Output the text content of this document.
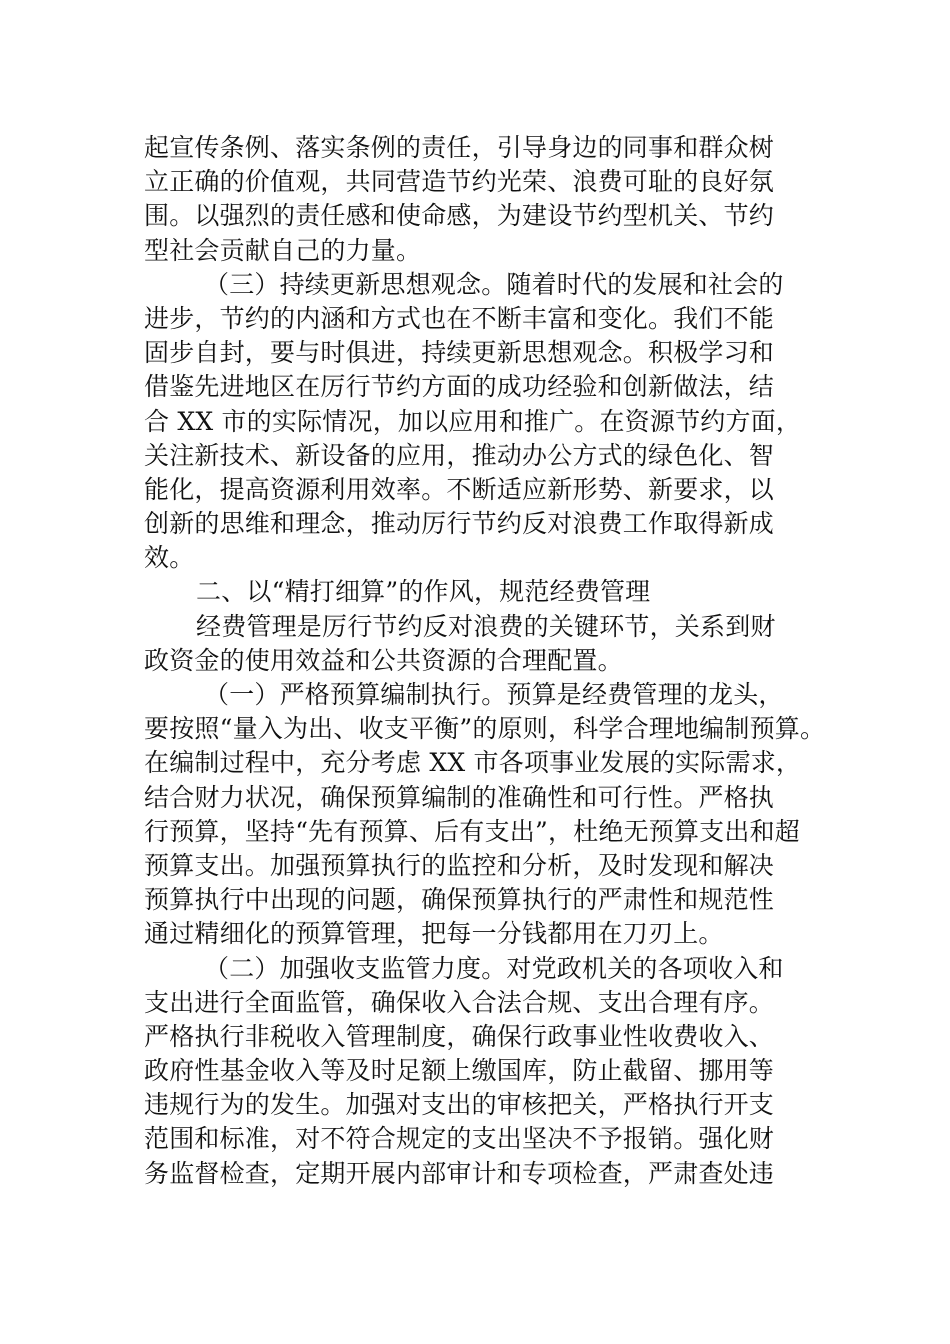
起宣传条例、落实条例的责任，引导身边的同事和群众树
立正确的价值观，共同营造节约光荣、浪费可耻的良好氛
围。以强烈的责任感和使命感，为建设节约型机关、节约
型社会贡献自己的力量。
（三）持续更新思想观念。随着时代的发展和社会的
进步，节约的内涵和方式也在不断丰富和变化。我们不能
固步自封，要与时俱进，持续更新思想观念。积极学习和
借鉴先进地区在厉行节约方面的成功经验和创新做法，结
合 XX 市的实际情况，加以应用和推广。在资源节约方面，
关注新技术、新设备的应用，推动办公方式的绿色化、智
能化，提高资源利用效率。不断适应新形势、新要求，以
创新的思维和理念，推动厉行节约反对浪费工作取得新成
效。
二、以“精打细算”的作风，规范经费管理
经费管理是厉行节约反对浪费的关键环节，关系到财
政资金的使用效益和公共资源的合理配置。
（一）严格预算编制执行。预算是经费管理的龙头，
要按照“量入为出、收支平衡”的原则，科学合理地编制预算。
在编制过程中，充分考虑 XX 市各项事业发展的实际需求，
结合财力状况，确保预算编制的准确性和可行性。严格执
行预算，坚持“先有预算、后有支出”，杜绝无预算支出和超
预算支出。加强预算执行的监控和分析，及时发现和解决
预算执行中出现的问题，确保预算执行的严肃性和规范性
通过精细化的预算管理，把每一分钱都用在刀刃上。
（二）加强收支监管力度。对党政机关的各项收入和
支出进行全面监管，确保收入合法合规、支出合理有序。
严格执行非税收入管理制度，确保行政事业性收费收入、
政府性基金收入等及时足额上缴国库，防止截留、挪用等
违规行为的发生。加强对支出的审核把关，严格执行开支
范围和标准，对不符合规定的支出坚决不予报销。强化财
务监督检查，定期开展内部审计和专项检查，严肃查处违
